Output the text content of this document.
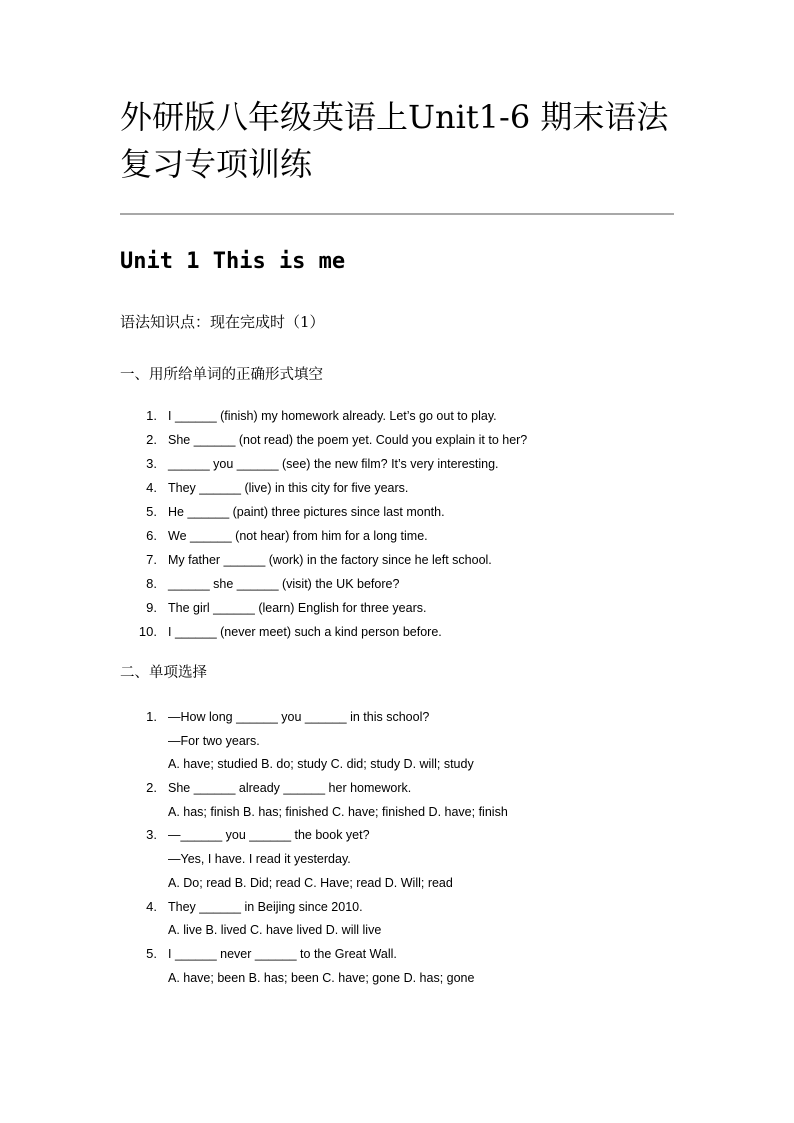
外研版八年级英语上Unit1-6 期末语法复习专项训练
Unit 1 This is me

语法知识点：现在完成时（1）

一、用所给单词的正确形式填空

1. I ______ (finish) my homework already. Let’s go out to play.
2. She ______ (not read) the poem yet. Could you explain it to her?
3. ______ you ______ (see) the new film? It’s very interesting.
4. They ______ (live) in this city for five years.
5. He ______ (paint) three pictures since last month.
6. We ______ (not hear) from him for a long time.
7. My father ______ (work) in the factory since he left school.
8. ______ she ______ (visit) the UK before?
9. The girl ______ (learn) English for three years.
10. I ______ (never meet) such a kind person before.

二、单项选择

1. —How long ______ you ______ in this school?
—For two years.
A. have; studied B. do; study C. did; study D. will; study
2. She ______ already ______ her homework.
A. has; finish B. has; finished C. have; finished D. have; finish
3. —______ you ______ the book yet?
—Yes, I have. I read it yesterday.
A. Do; read B. Did; read C. Have; read D. Will; read
4. They ______ in Beijing since 2010.
A. live B. lived C. have lived D. will live
5. I ______ never ______ to the Great Wall.
A. have; been B. has; been C. have; gone D. has; gone
